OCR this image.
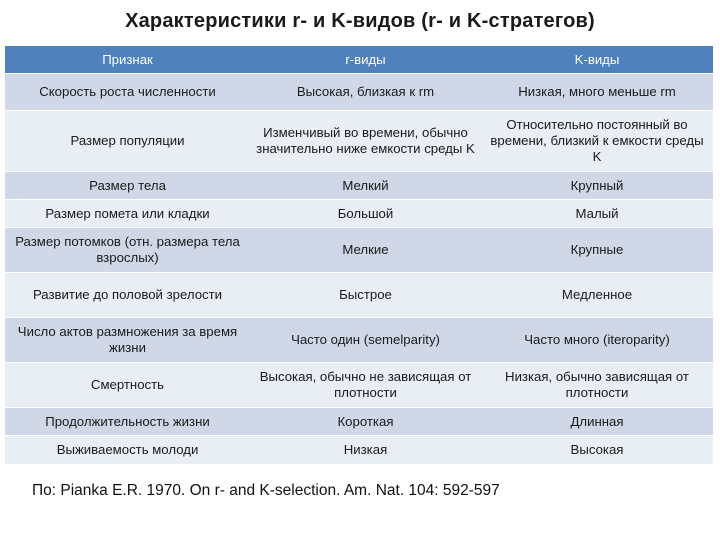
Характеристики r- и K-видов (r- и K-стратегов)
Признак	r-виды	K-виды
Скорость роста численности	Высокая, близкая к rm	Низкая, много меньше rm
Размер популяции	Изменчивый во времени, обычно значительно ниже емкости среды K	Относительно постоянный во времени, близкий к емкости среды K
Размер тела	Мелкий	Крупный
Размер помета или кладки	Большой	Малый
Размер потомков (отн. размера тела взрослых)	Мелкие	Крупные
Развитие до половой зрелости	Быстрое	Медленное
Число актов размножения за время жизни	Часто один (semelparity)	Часто много (iteroparity)
Смертность	Высокая, обычно не зависящая от плотности	Низкая, обычно зависящая от плотности
Продолжительность жизни	Короткая	Длинная
Выживаемость молоди	Низкая	Высокая
По: Pianka E.R. 1970. On r- and K-selection. Am. Nat. 104: 592-597
